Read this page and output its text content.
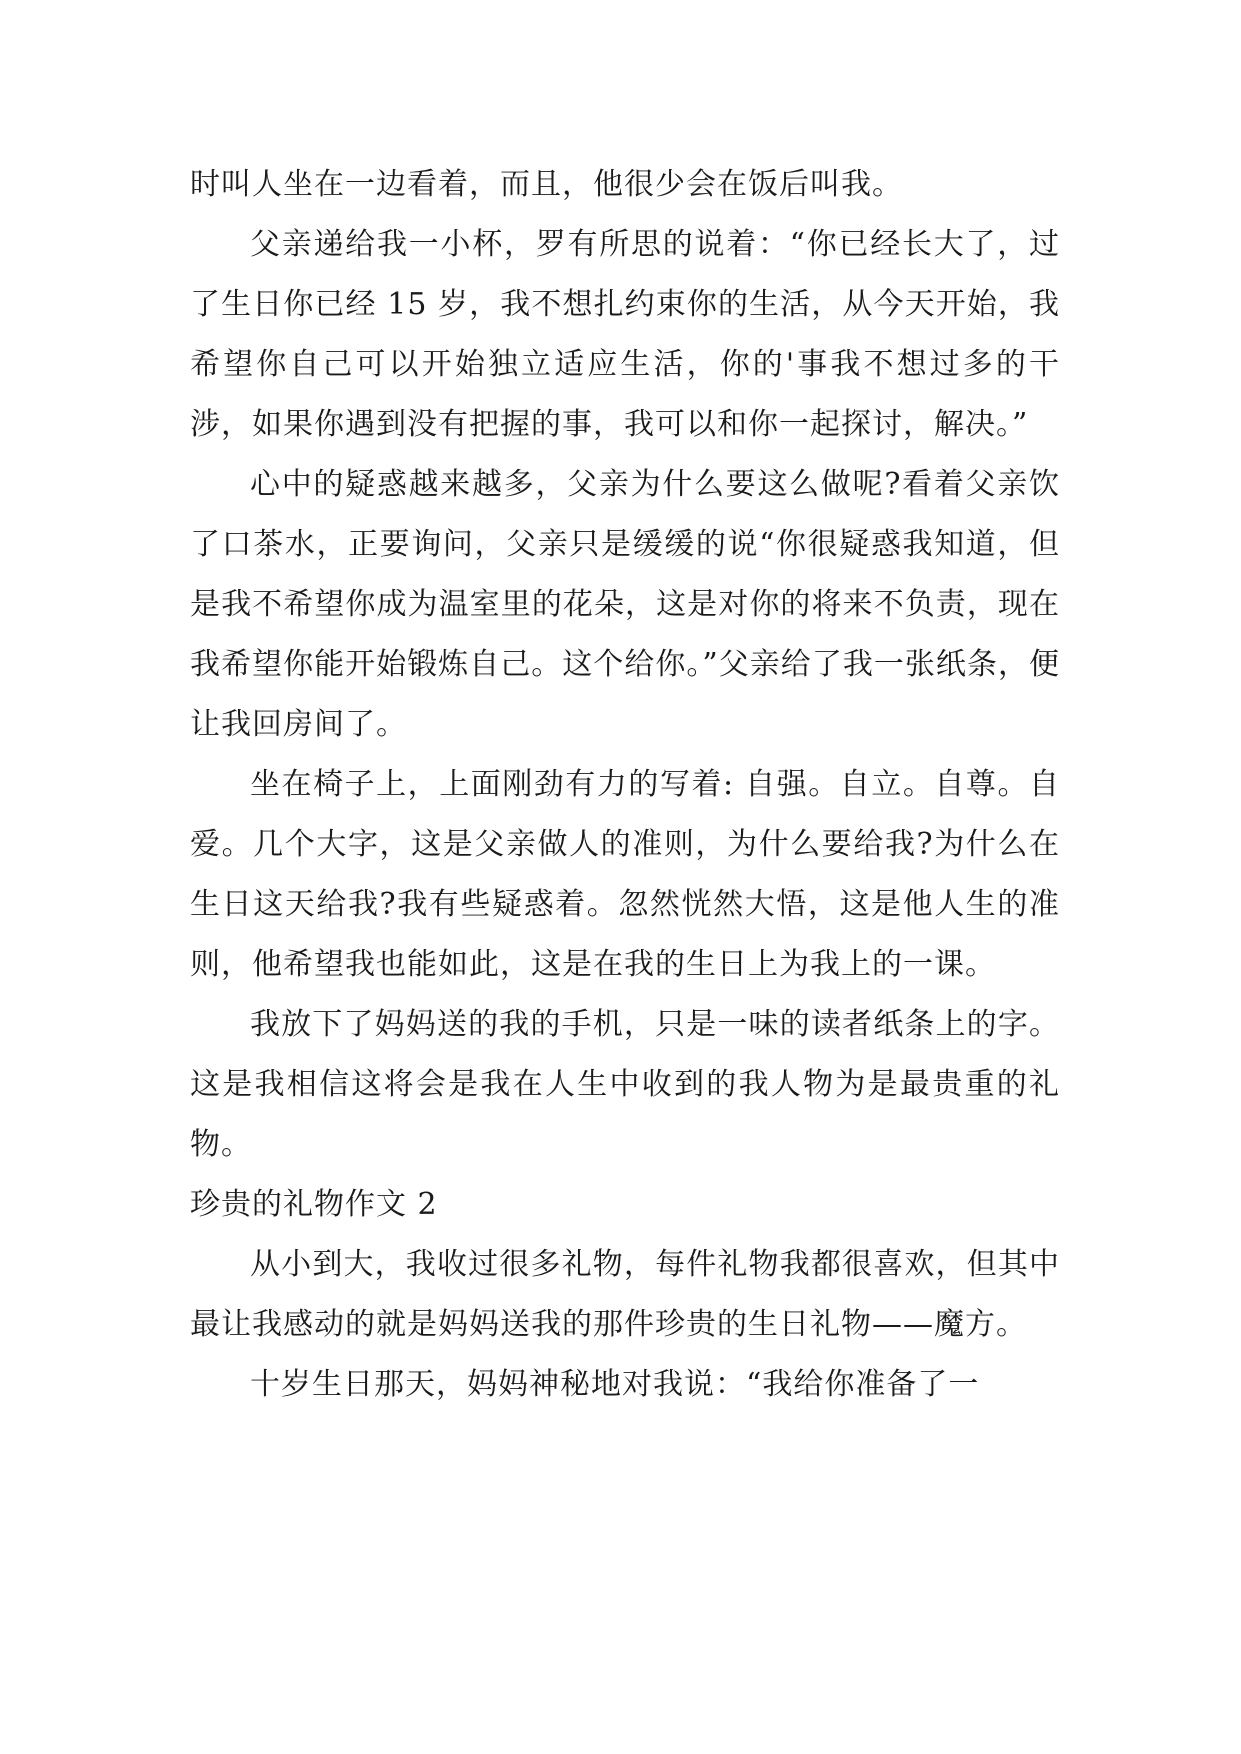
时叫人坐在一边看着，而且，他很少会在饭后叫我。

父亲递给我一小杯，罗有所思的说着：“你已经长大了，过了生日你已经 15 岁，我不想扎约束你的生活，从今天开始，我希望你自己可以开始独立适应生活，你的'事我不想过多的干涉，如果你遇到没有把握的事，我可以和你一起探讨，解决。”

心中的疑惑越来越多，父亲为什么要这么做呢?看着父亲饮了口茶水，正要询问，父亲只是缓缓的说“你很疑惑我知道，但是我不希望你成为温室里的花朵，这是对你的将来不负责，现在我希望你能开始锻炼自己。这个给你。”父亲给了我一张纸条，便让我回房间了。

坐在椅子上，上面刚劲有力的写着: 自强。自立。自尊。自爱。几个大字，这是父亲做人的准则，为什么要给我?为什么在生日这天给我?我有些疑惑着。忽然恍然大悟，这是他人生的准则，他希望我也能如此，这是在我的生日上为我上的一课。

我放下了妈妈送的我的手机，只是一味的读者纸条上的字。这是我相信这将会是我在人生中收到的我人物为是最贵重的礼物。

珍贵的礼物作文 2

从小到大，我收过很多礼物，每件礼物我都很喜欢，但其中最让我感动的就是妈妈送我的那件珍贵的生日礼物——魔方。

十岁生日那天，妈妈神秘地对我说：“我给你准备了一
